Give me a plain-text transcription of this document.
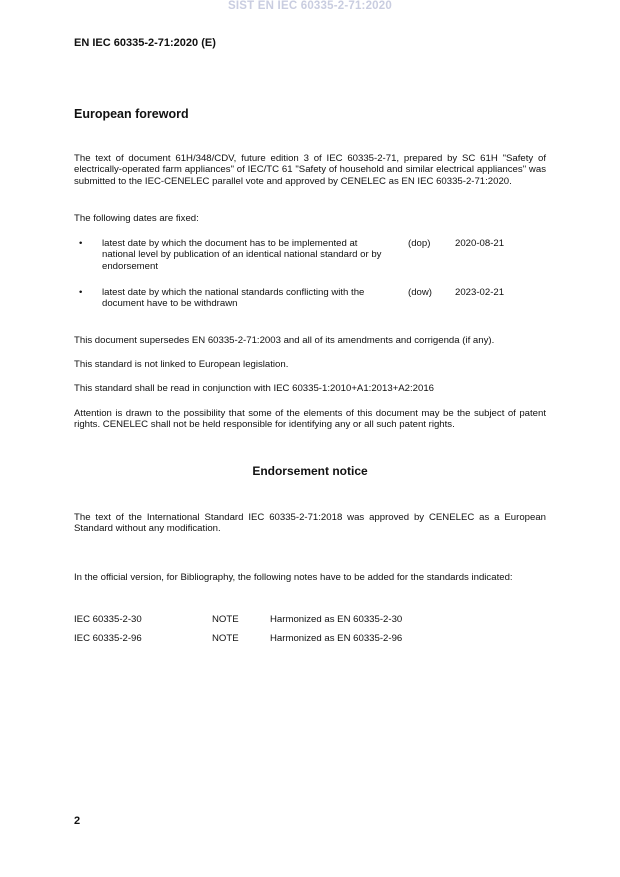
SIST EN IEC 60335-2-71:2020
EN IEC 60335-2-71:2020 (E)
European foreword

The text of document 61H/348/CDV, future edition 3 of IEC 60335-2-71, prepared by SC 61H "Safety of electrically-operated farm appliances" of IEC/TC 61 "Safety of household and similar electrical appliances" was submitted to the IEC-CENELEC parallel vote and approved by CENELEC as EN IEC 60335-2-71:2020.

The following dates are fixed:

• latest date by which the document has to be implemented at national level by publication of an identical national standard or by endorsement
(dop)	2020-08-21
• latest date by which the national standards conflicting with the document have to be withdrawn
(dow) 2023-02-21

This document supersedes EN 60335-2-71:2003 and all of its amendments and corrigenda (if any).

This standard is not linked to European legislation.

This standard shall be read in conjunction with IEC 60335-1:2010+A1:2013+A2:2016

Attention is drawn to the possibility that some of the elements of this document may be the subject of patent rights. CENELEC shall not be held responsible for identifying any or all such patent rights.

Endorsement notice

The text of the International Standard IEC 60335-2-71:2018 was approved by CENELEC as a European Standard without any modification.

In the official version, for Bibliography, the following notes have to be added for the standards indicated:

IEC 60335-2-30	NOTE	Harmonized as EN 60335-2-30
IEC 60335-2-96	NOTE	Harmonized as EN 60335-2-96
2
